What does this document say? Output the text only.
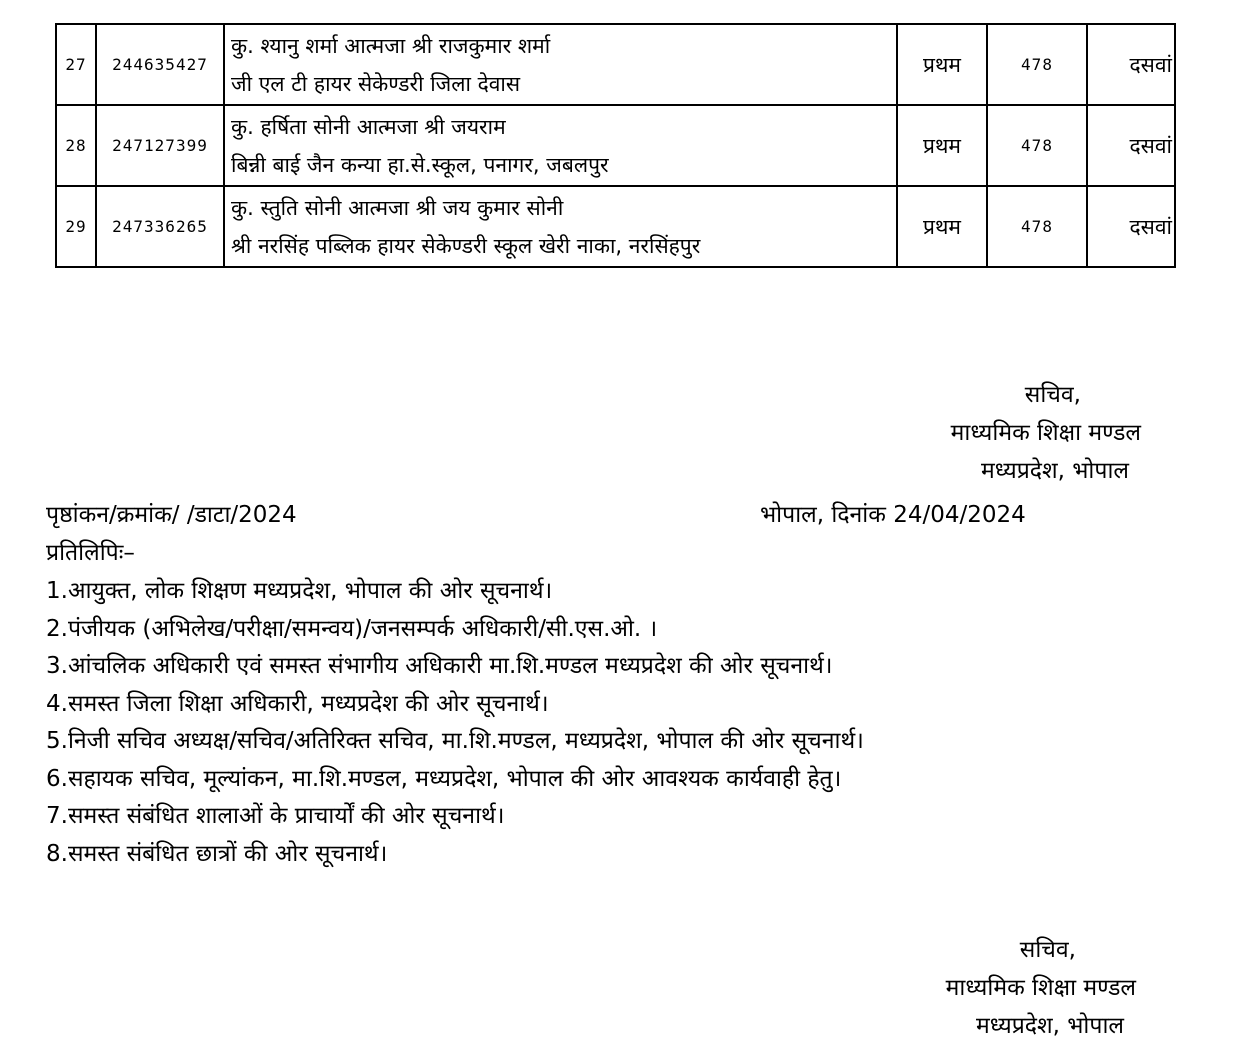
27	244635427	कु. श्यानु शर्मा आत्मजा श्री राजकुमार शर्मा
जी एल टी हायर सेकेण्डरी जिला देवास	प्रथम	478	दसवां
28	247127399	कु. हर्षिता सोनी आत्मजा श्री जयराम
बिन्नी बाई जैन कन्या हा.से.स्कूल, पनागर, जबलपुर	प्रथम	478	दसवां
29	247336265	कु. स्तुति सोनी आत्मजा श्री जय कुमार सोनी
श्री नरसिंह पब्लिक हायर सेकेण्डरी स्कूल खेरी नाका, नरसिंहपुर	प्रथम	478	दसवां
सचिव,
माध्यमिक शिक्षा मण्डल
मध्यप्रदेश, भोपाल
पृष्ठांकन/क्रमांक/ /डाटा/2024	भोपाल, दिनांक 24/04/2024
प्रतिलिपिः–
1.आयुक्त, लोक शिक्षण मध्यप्रदेश, भोपाल की ओर सूचनार्थ।
2.पंजीयक (अभिलेख/परीक्षा/समन्वय)/जनसम्पर्क अधिकारी/सी.एस.ओ. ।
3.आंचलिक अधिकारी एवं समस्त संभागीय अधिकारी मा.शि.मण्डल मध्यप्रदेश की ओर सूचनार्थ।
4.समस्त जिला शिक्षा अधिकारी, मध्यप्रदेश की ओर सूचनार्थ।
5.निजी सचिव अध्यक्ष/सचिव/अतिरिक्त सचिव, मा.शि.मण्डल, मध्यप्रदेश, भोपाल की ओर सूचनार्थ।
6.सहायक सचिव, मूल्यांकन, मा.शि.मण्डल, मध्यप्रदेश, भोपाल की ओर आवश्यक कार्यवाही हेतु।
7.समस्त संबंधित शालाओं के प्राचार्यों की ओर सूचनार्थ।
8.समस्त संबंधित छात्रों की ओर सूचनार्थ।
सचिव,
माध्यमिक शिक्षा मण्डल
मध्यप्रदेश, भोपाल
